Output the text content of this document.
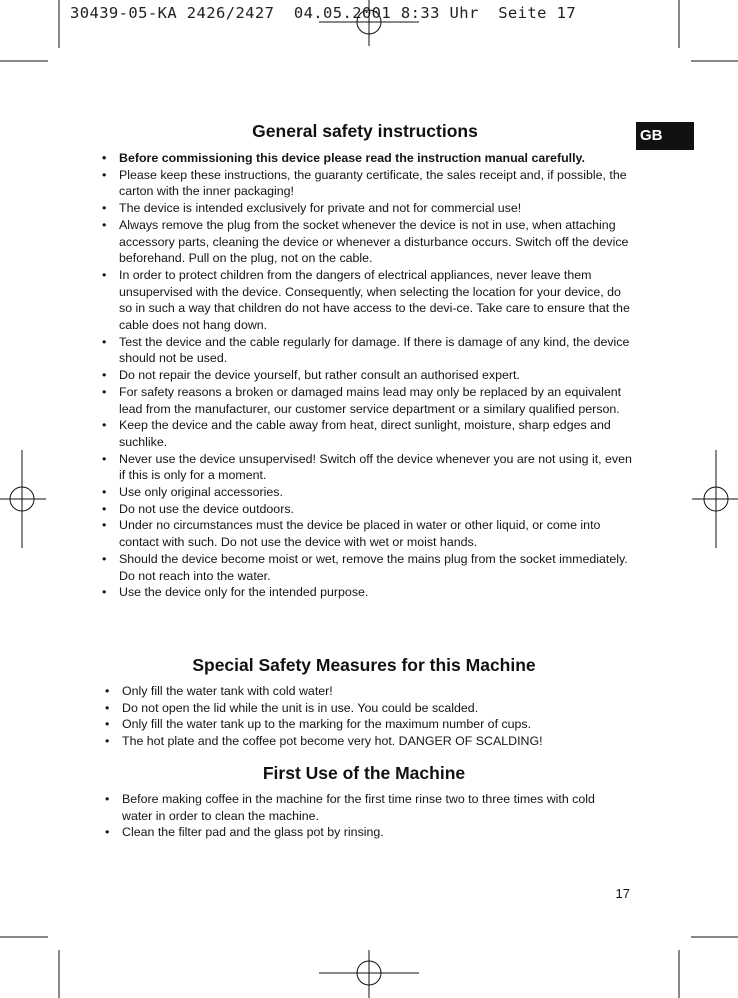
30439-05-KA 2426/2427  04.05.2001 8:33 Uhr  Seite 17
GB
General safety instructions
• Before commissioning this device please read the instruction manual carefully.
• Please keep these instructions, the guaranty certificate, the sales receipt and, if possible, the carton with the inner packaging!
• The device is intended exclusively for private and not for commercial use!
• Always remove the plug from the socket whenever the device is not in use, when attaching accessory parts, cleaning the device or whenever a disturbance occurs. Switch off the device beforehand. Pull on the plug, not on the cable.
• In order to protect children from the dangers of electrical appliances, never leave them unsupervised with the device. Consequently, when selecting the location for your device, do so in such a way that children do not have access to the devi-ce. Take care to ensure that the cable does not hang down.
• Test the device and the cable regularly for damage. If there is damage of any kind, the device should not be used.
• Do not repair the device yourself, but rather consult an authorised expert.
• For safety reasons a broken or damaged mains lead may only be replaced by an equivalent lead from the manufacturer, our customer service department or a similary qualified person.
• Keep the device and the cable away from heat, direct sunlight, moisture, sharp edges and suchlike.
• Never use the device unsupervised! Switch off the device whenever you are not using it, even if this is only for a moment.
• Use only original accessories.
• Do not use the device outdoors.
• Under no circumstances must the device be placed in water or other liquid, or come into contact with such. Do not use the device with wet or moist hands.
• Should the device become moist or wet, remove the mains plug from the socket immediately. Do not reach into the water.
• Use the device only for the intended purpose.
Special Safety Measures for this Machine
• Only fill the water tank with cold water!
• Do not open the lid while the unit is in use. You could be scalded.
• Only fill the water tank up to the marking for the maximum number of cups.
• The hot plate and the coffee pot become very hot. DANGER OF SCALDING!
First Use of the Machine
• Before making coffee in the machine for the first time rinse two to three times with cold water in order to clean the machine.
• Clean the filter pad and the glass pot by rinsing.
17
